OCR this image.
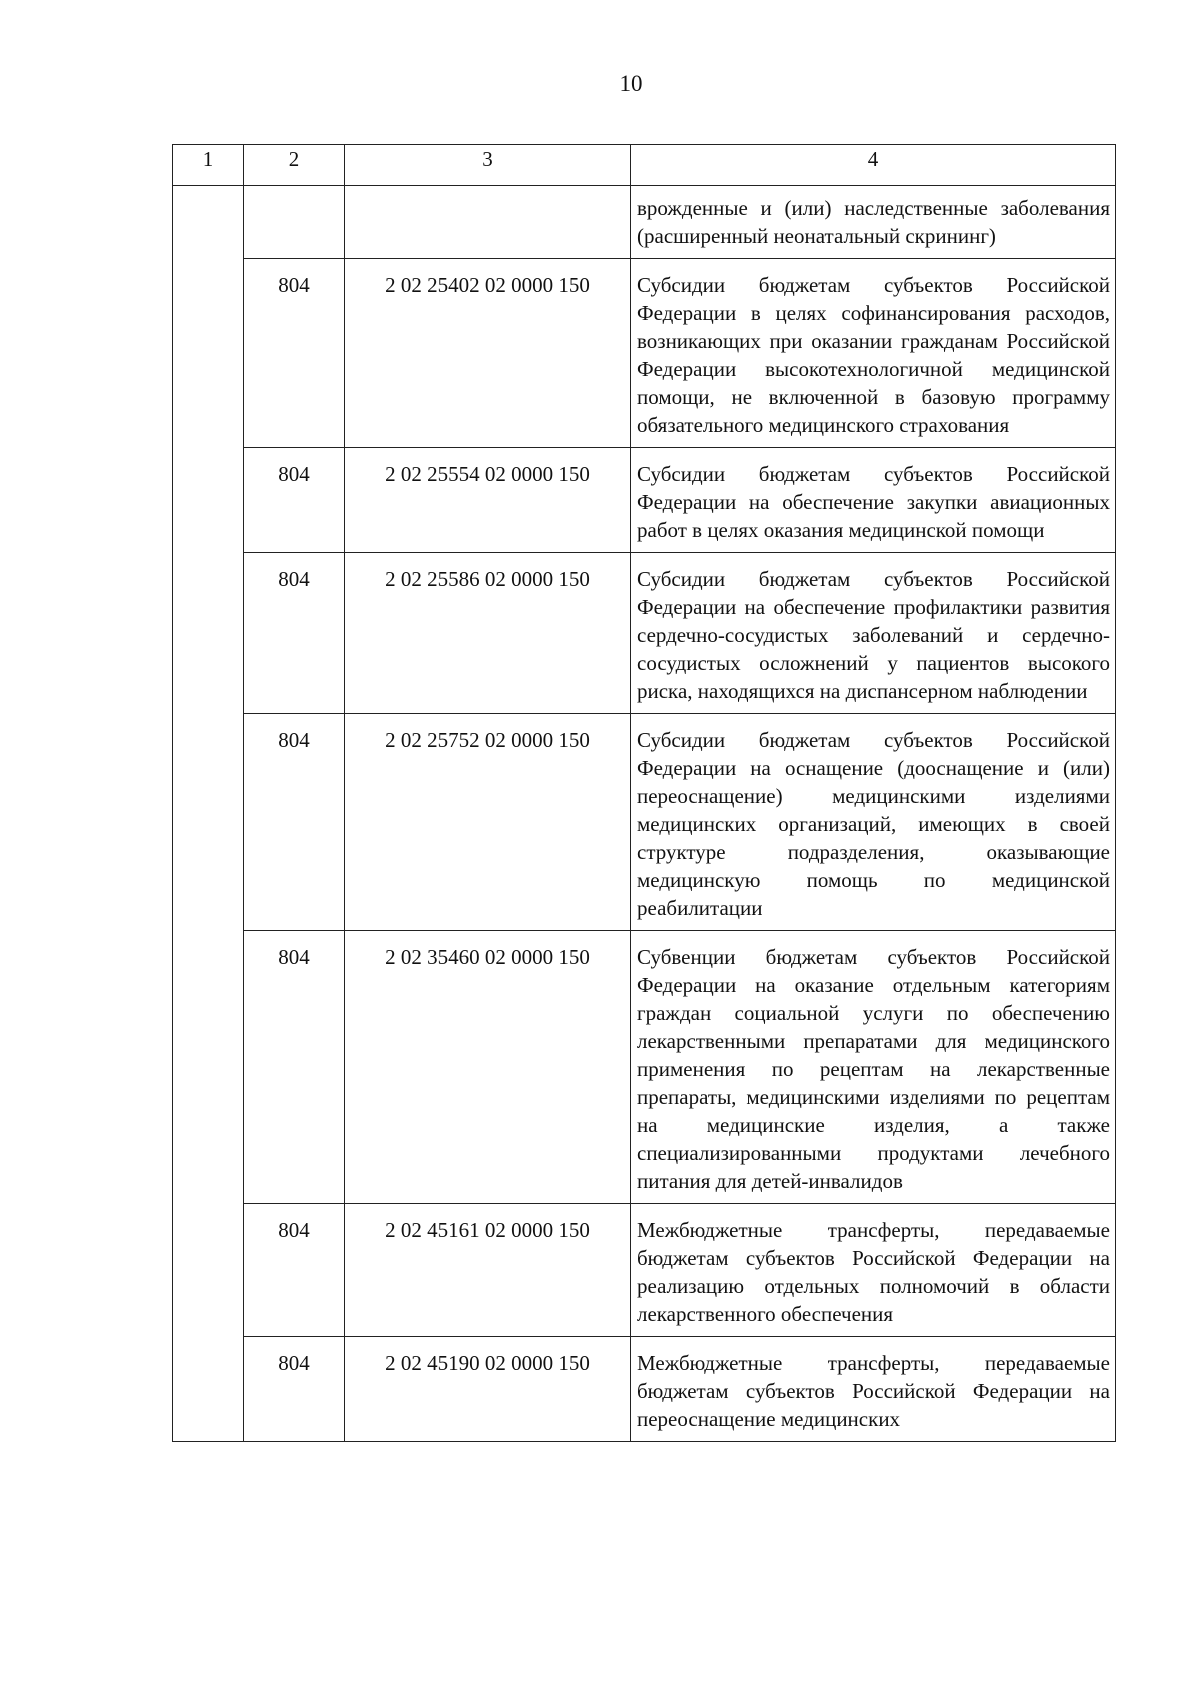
10
1	2	3	4
			врожденные и (или) наследственные заболевания (расширенный неонатальный скрининг)
	804	2 02 25402 02 0000 150	Субсидии бюджетам субъектов Российской Федерации в целях софинансирования расходов, возникающих при оказании гражданам Российской Федерации высокотехнологичной медицинской помощи, не включенной в базовую программу обязательного медицинского страхования
	804	2 02 25554 02 0000 150	Субсидии бюджетам субъектов Российской Федерации на обеспечение закупки авиационных работ в целях оказания медицинской помощи
	804	2 02 25586 02 0000 150	Субсидии бюджетам субъектов Российской Федерации на обеспечение профилактики развития сердечно-сосудистых заболеваний и сердечно-сосудистых осложнений у пациентов высокого риска, находящихся на диспансерном наблюдении
	804	2 02 25752 02 0000 150	Субсидии бюджетам субъектов Российской Федерации на оснащение (дооснащение и (или) переоснащение) медицинскими изделиями медицинских организаций, имеющих в своей структуре подразделения, оказывающие медицинскую помощь по медицинской реабилитации
	804	2 02 35460 02 0000 150	Субвенции бюджетам субъектов Российской Федерации на оказание отдельным категориям граждан социальной услуги по обеспечению лекарственными препаратами для медицинского применения по рецептам на лекарственные препараты, медицинскими изделиями по рецептам на медицинские изделия, а также специализированными продуктами лечебного питания для детей-инвалидов
	804	2 02 45161 02 0000 150	Межбюджетные трансферты, передаваемые бюджетам субъектов Российской Федерации на реализацию отдельных полномочий в области лекарственного обеспечения
	804	2 02 45190 02 0000 150	Межбюджетные трансферты, передаваемые бюджетам субъектов Российской Федерации на переоснащение медицинских
